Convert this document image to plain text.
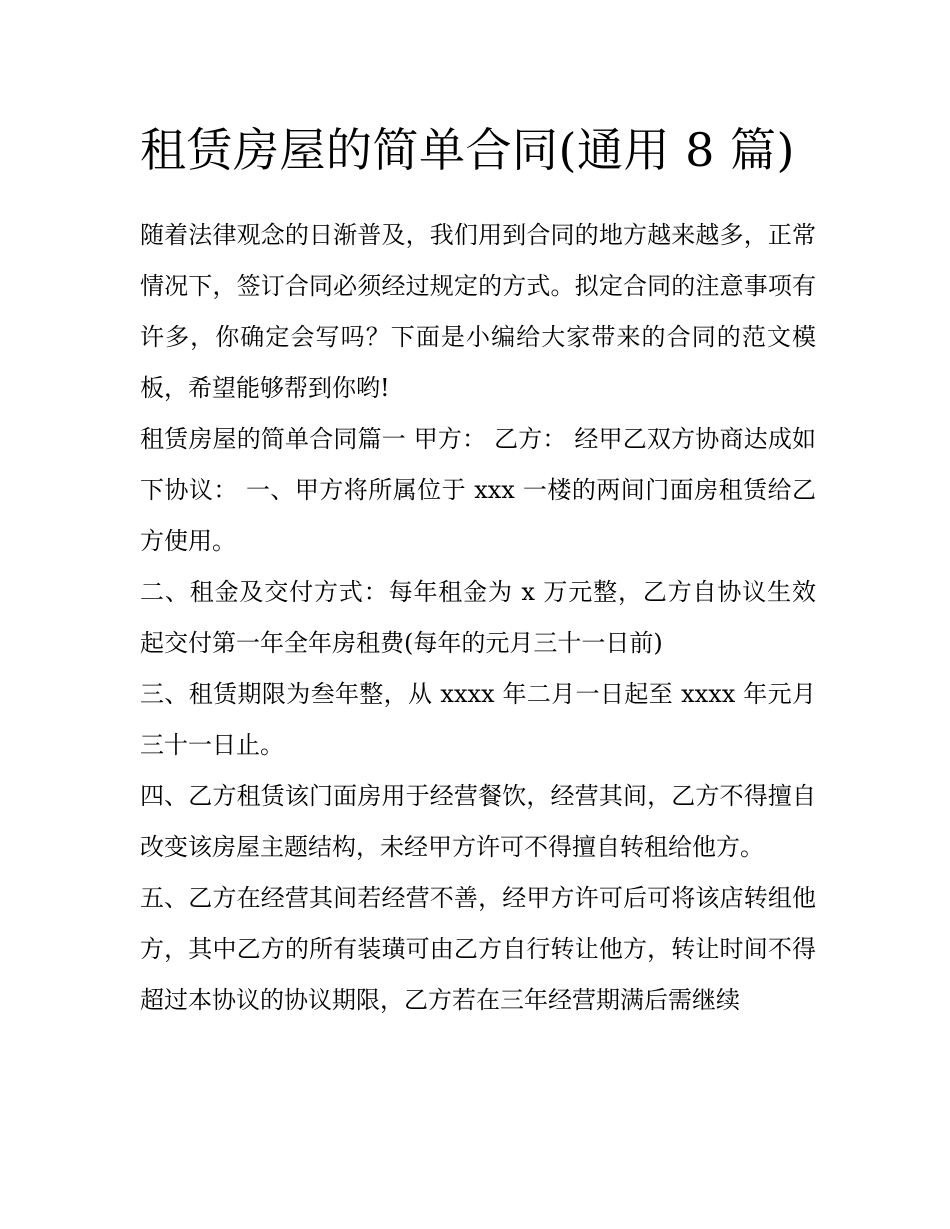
租赁房屋的简单合同(通用 8 篇)

随着法律观念的日渐普及，我们用到合同的地方越来越多，正常情况下，签订合同必须经过规定的方式。拟定合同的注意事项有许多，你确定会写吗？下面是小编给大家带来的合同的范文模板，希望能够帮到你哟!

租赁房屋的简单合同篇一 甲方： 乙方： 经甲乙双方协商达成如下协议： 一、甲方将所属位于 xxx 一楼的两间门面房租赁给乙方使用。

二、租金及交付方式：每年租金为 x 万元整，乙方自协议生效起交付第一年全年房租费(每年的元月三十一日前)

三、租赁期限为叁年整，从 xxxx 年二月一日起至 xxxx 年元月三十一日止。

四、乙方租赁该门面房用于经营餐饮，经营其间，乙方不得擅自改变该房屋主题结构，未经甲方许可不得擅自转租给他方。

五、乙方在经营其间若经营不善，经甲方许可后可将该店转组他方，其中乙方的所有装璜可由乙方自行转让他方，转让时间不得超过本协议的协议期限，乙方若在三年经营期满后需继续
